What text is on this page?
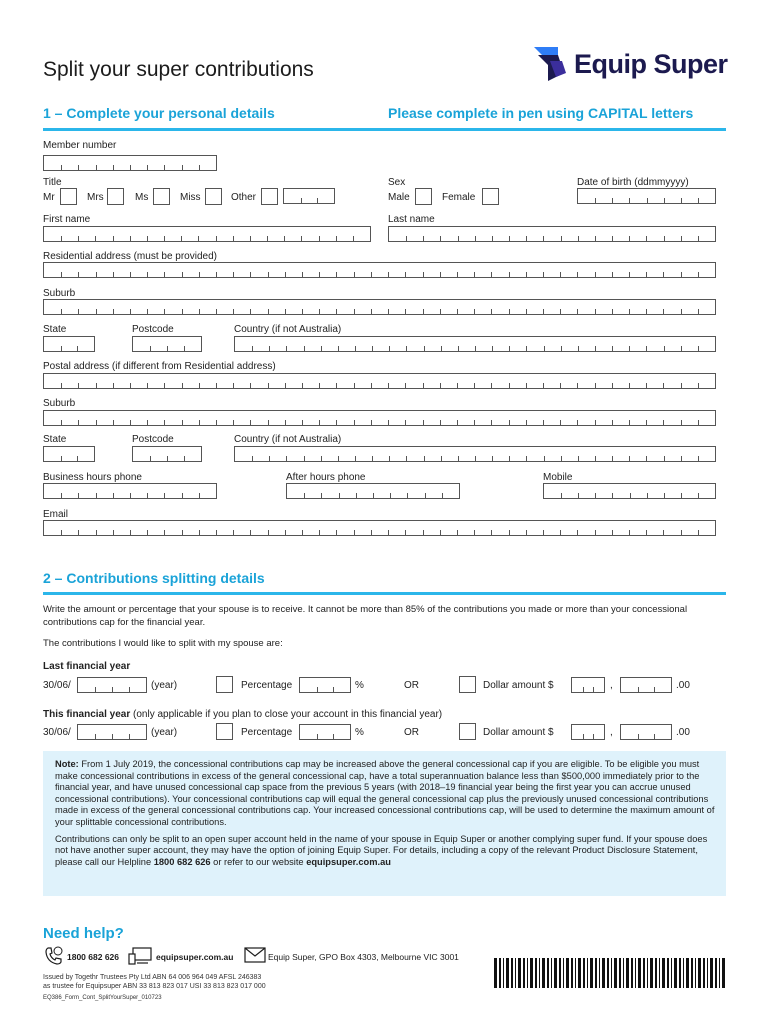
Split your super contributions	Equip Super
1 – Complete your personal details	Please complete in pen using CAPITAL letters
Member number
Title
Mr	Mrs	Ms	Miss	Other
Sex
Male	Female
Date of birth (ddmmyyyy)
First name	Last name
Residential address (must be provided)
Suburb
State	Postcode	Country (if not Australia)
Postal address (if different from Residential address)
Suburb
State	Postcode	Country (if not Australia)
Business hours phone	After hours phone	Mobile
Email
2 – Contributions splitting details
Write the amount or percentage that your spouse is to receive. It cannot be more than 85% of the contributions you made or more than your concessional contributions cap for the financial year.
The contributions I would like to split with my spouse are:
Last financial year
30/06/	(year)	Percentage	%	OR	Dollar amount $	,	.00
This financial year (only applicable if you plan to close your account in this financial year)
30/06/	(year)	Percentage	%	OR	Dollar amount $	,	.00

Note: From 1 July 2019, the concessional contributions cap may be increased above the general concessional cap if you are eligible. To be eligible you must make concessional contributions in excess of the general concessional cap, have a total superannuation balance less than $500,000 immediately prior to the financial year, and have unused concessional cap space from the previous 5 years (with 2018–19 financial year being the first year you can accrue unused concessional contributions). Your concessional contributions cap will equal the general concessional cap plus the previously unused concessional contributions made in excess of the general concessional contributions cap. Your increased concessional contributions cap, will be used to determine the maximum amount of your splittable concessional contributions.

Contributions can only be split to an open super account held in the name of your spouse in Equip Super or another complying super fund. If your spouse does not have another super account, they may have the option of joining Equip Super. For details, including a copy of the relevant Product Disclosure Statement, please call our Helpline 1800 682 626 or refer to our website equipsuper.com.au

Need help?
1800 682 626	equipsuper.com.au	Equip Super, GPO Box 4303, Melbourne VIC 3001
Issued by Togethr Trustees Pty Ltd ABN 64 006 964 049 AFSL 246383
as trustee for Equipsuper ABN 33 813 823 017 USI 33 813 823 017 000
EQ386_Form_Cont_SplitYourSuper_010723
